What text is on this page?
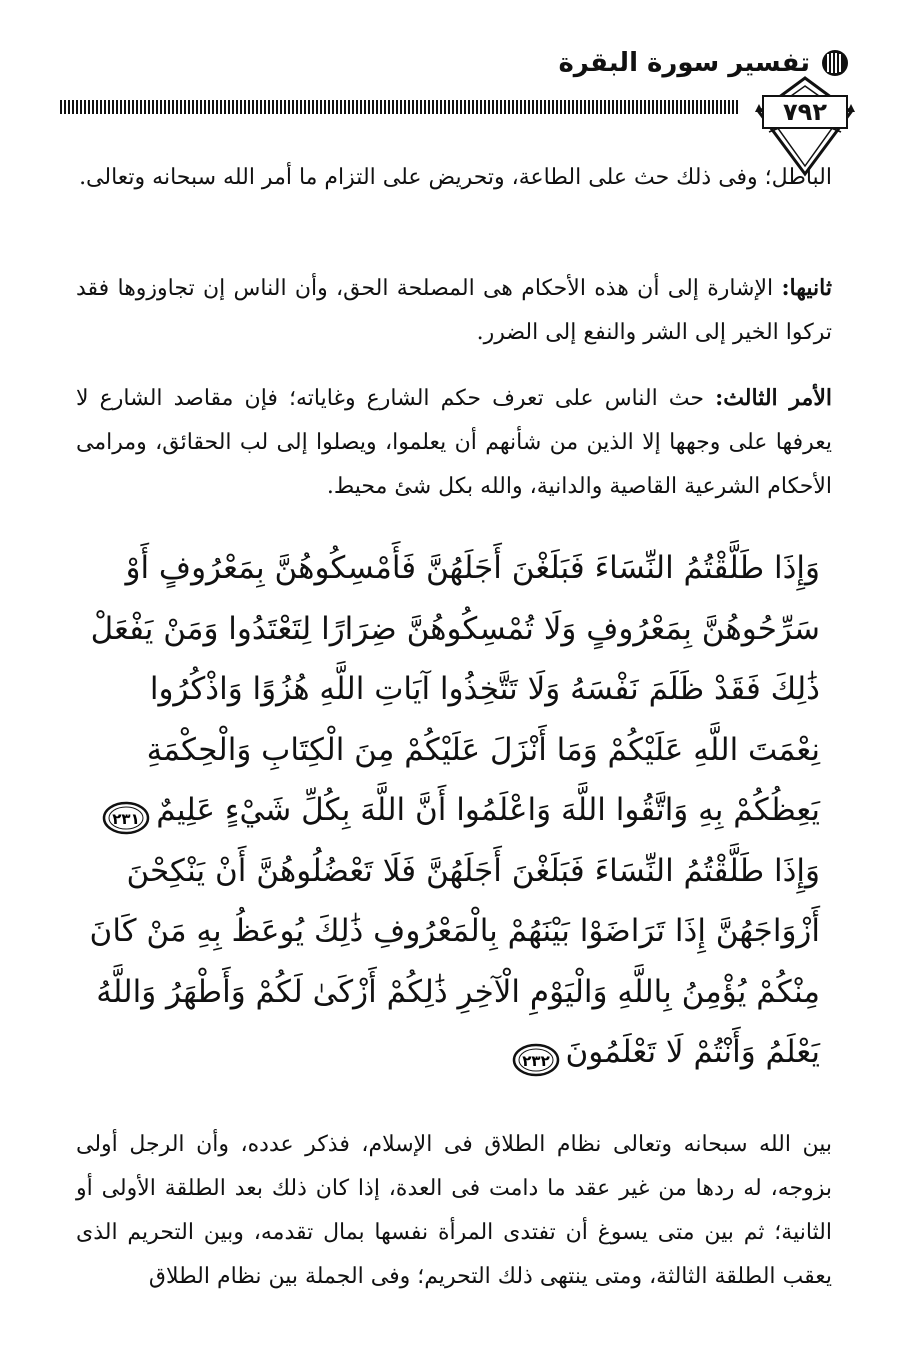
تفسير سورة البقرة
٧٩٢

الباطل؛ وفى ذلك حث على الطاعة، وتحريض على التزام ما أمر الله سبحانه وتعالى.

ثانيها: الإشارة إلى أن هذه الأحكام هى المصلحة الحق، وأن الناس إن تجاوزوها فقد تركوا الخير إلى الشر والنفع إلى الضرر.

الأمر الثالث: حث الناس على تعرف حكم الشارع وغاياته؛ فإن مقاصد الشارع لا يعرفها على وجهها إلا الذين من شأنهم أن يعلموا، ويصلوا إلى لب الحقائق، ومرامى الأحكام الشرعية القاصية والدانية، والله بكل شئ محيط.

وَإِذَا طَلَّقْتُمُ النِّسَاءَ فَبَلَغْنَ أَجَلَهُنَّ فَأَمْسِكُوهُنَّ بِمَعْرُوفٍ أَوْ
سَرِّحُوهُنَّ بِمَعْرُوفٍ وَلَا تُمْسِكُوهُنَّ ضِرَارًا لِتَعْتَدُوا وَمَنْ يَفْعَلْ
ذَٰلِكَ فَقَدْ ظَلَمَ نَفْسَهُ وَلَا تَتَّخِذُوا آيَاتِ اللَّهِ هُزُوًا وَاذْكُرُوا
نِعْمَتَ اللَّهِ عَلَيْكُمْ وَمَا أَنْزَلَ عَلَيْكُمْ مِنَ الْكِتَابِ وَالْحِكْمَةِ
يَعِظُكُمْ بِهِ وَاتَّقُوا اللَّهَ وَاعْلَمُوا أَنَّ اللَّهَ بِكُلِّ شَيْءٍ عَلِيمٌ
٢٣١
وَإِذَا طَلَّقْتُمُ النِّسَاءَ فَبَلَغْنَ أَجَلَهُنَّ فَلَا تَعْضُلُوهُنَّ أَنْ يَنْكِحْنَ
أَزْوَاجَهُنَّ إِذَا تَرَاضَوْا بَيْنَهُمْ بِالْمَعْرُوفِ ذَٰلِكَ يُوعَظُ بِهِ مَنْ كَانَ
مِنْكُمْ يُؤْمِنُ بِاللَّهِ وَالْيَوْمِ الْآخِرِ ذَٰلِكُمْ أَزْكَىٰ لَكُمْ وَأَطْهَرُ وَاللَّهُ
يَعْلَمُ وَأَنْتُمْ لَا تَعْلَمُونَ
٢٣٢

بين الله سبحانه وتعالى نظام الطلاق فى الإسلام، فذكر عدده، وأن الرجل أولى بزوجه، له ردها من غير عقد ما دامت فى العدة، إذا كان ذلك بعد الطلقة الأولى أو الثانية؛ ثم بين متى يسوغ أن تفتدى المرأة نفسها بمال تقدمه، وبين التحريم الذى يعقب الطلقة الثالثة، ومتى ينتهى ذلك التحريم؛ وفى الجملة بين نظام الطلاق
